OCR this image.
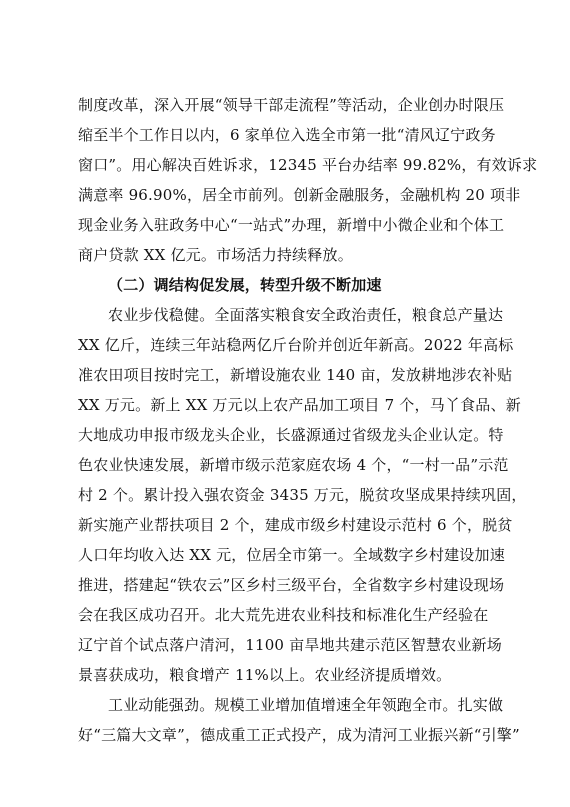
制度改革，深入开展“领导干部走流程”等活动，企业创办时限压
缩至半个工作日以内，6 家单位入选全市第一批“清风辽宁政务
窗口”。用心解决百姓诉求，12345 平台办结率 99.82%，有效诉求
满意率 96.90%，居全市前列。创新金融服务，金融机构 20 项非
现金业务入驻政务中心“一站式”办理，新增中小微企业和个体工
商户贷款 XX 亿元。市场活力持续释放。
（二）调结构促发展，转型升级不断加速
农业步伐稳健。全面落实粮食安全政治责任，粮食总产量达
XX 亿斤，连续三年站稳两亿斤台阶并创近年新高。2022 年高标
准农田项目按时完工，新增设施农业 140 亩，发放耕地涉农补贴
XX 万元。新上 XX 万元以上农产品加工项目 7 个，马丫食品、新
大地成功申报市级龙头企业，长盛源通过省级龙头企业认定。特
色农业快速发展，新增市级示范家庭农场 4 个，“一村一品”示范
村 2 个。累计投入强农资金 3435 万元，脱贫攻坚成果持续巩固，
新实施产业帮扶项目 2 个，建成市级乡村建设示范村 6 个，脱贫
人口年均收入达 XX 元，位居全市第一。全域数字乡村建设加速
推进，搭建起“铁农云”区乡村三级平台，全省数字乡村建设现场
会在我区成功召开。北大荒先进农业科技和标准化生产经验在
辽宁首个试点落户清河，1100 亩旱地共建示范区智慧农业新场
景喜获成功，粮食增产 11%以上。农业经济提质增效。
工业动能强劲。规模工业增加值增速全年领跑全市。扎实做
好“三篇大文章”，德成重工正式投产，成为清河工业振兴新“引擎”
